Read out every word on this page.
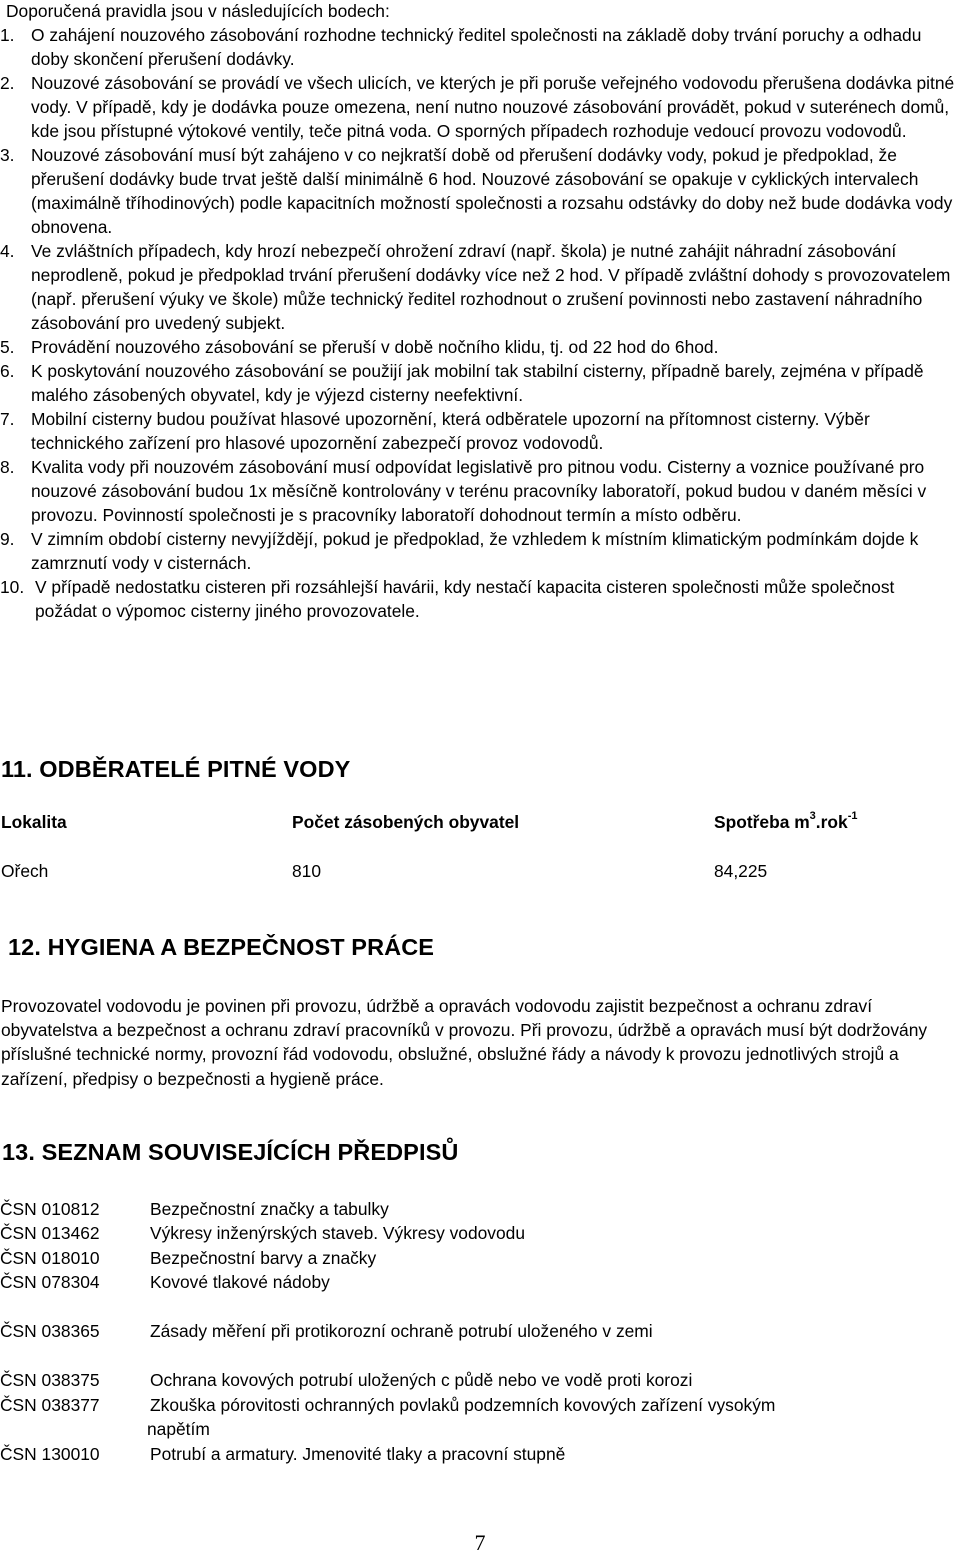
Doporučená pravidla jsou v následujících bodech:
1. O zahájení nouzového zásobování rozhodne technický ředitel společnosti na základě doby trvání poruchy a odhadu doby skončení přerušení dodávky.
2. Nouzové zásobování se provádí ve všech ulicích, ve kterých je při poruše veřejného vodovodu přerušena dodávka pitné vody. V případě, kdy je dodávka pouze omezena, není nutno nouzové zásobování provádět, pokud v suterénech domů, kde jsou přístupné výtokové ventily, teče pitná voda. O sporných případech rozhoduje vedoucí provozu vodovodů.
3. Nouzové zásobování musí být zahájeno v co nejkratší době od přerušení dodávky vody, pokud je předpoklad, že přerušení dodávky bude trvat ještě další minimálně 6 hod. Nouzové zásobování se opakuje v cyklických intervalech (maximálně tříhodinových) podle kapacitních možností společnosti a rozsahu odstávky do doby než bude dodávka vody obnovena.
4. Ve zvláštních případech, kdy hrozí nebezpečí ohrožení zdraví (např. škola) je nutné zahájit náhradní zásobování neprodleně, pokud je předpoklad trvání přerušení dodávky více než 2 hod. V případě zvláštní dohody s provozovatelem (např. přerušení výuky ve škole) může technický ředitel rozhodnout o zrušení povinnosti nebo zastavení náhradního zásobování pro uvedený subjekt.
5. Provádění nouzového zásobování se přeruší v době nočního klidu, tj. od 22 hod do 6hod.
6. K poskytování nouzového zásobování se použijí jak mobilní tak stabilní cisterny, případně barely, zejména v případě malého zásobených obyvatel, kdy je výjezd cisterny neefektivní.
7. Mobilní cisterny budou používat hlasové upozornění, která odběratele upozorní na přítomnost cisterny. Výběr technického zařízení pro hlasové upozornění zabezpečí provoz vodovodů.
8. Kvalita vody při nouzovém zásobování musí odpovídat legislativě pro pitnou vodu. Cisterny a voznice používané pro nouzové zásobování budou 1x měsíčně kontrolovány v terénu pracovníky laboratoří, pokud budou v daném měsíci v provozu. Povinností společnosti je s pracovníky laboratoří dohodnout termín a místo odběru.
9. V zimním období cisterny nevyjíždějí, pokud je předpoklad, že vzhledem k místním klimatickým podmínkám dojde k zamrznutí vody v cisternách.
10. V případě nedostatku cisteren při rozsáhlejší havárii, kdy nestačí kapacita cisteren společnosti může společnost požádat o výpomoc cisterny jiného provozovatele.
11. ODBĚRATELÉ PITNÉ VODY
Lokalita	Počet zásobených obyvatel	Spotřeba $m^3.rok^{-1}$
Ořech	810	84,225
12. HYGIENA A BEZPEČNOST PRÁCE
Provozovatel vodovodu je povinen při provozu, údržbě a opravách vodovodu zajistit bezpečnost a ochranu zdraví obyvatelstva a bezpečnost a ochranu zdraví pracovníků v provozu. Při provozu, údržbě a opravách musí být dodržovány příslušné technické normy, provozní řád vodovodu, obslužné, obslužné řády a návody k provozu jednotlivých strojů a zařízení, předpisy o bezpečnosti a hygieně práce.
13. SEZNAM SOUVISEJÍCÍCH PŘEDPISŮ
ČSN 010812	Bezpečnostní značky a tabulky
ČSN 013462	Výkresy inženýrských staveb. Výkresy vodovodu
ČSN 018010	Bezpečnostní barvy a značky
ČSN 078304	Kovové tlakové nádoby
ČSN 038365	Zásady měření při protikorozní ochraně potrubí uloženého v zemi
ČSN 038375	Ochrana kovových potrubí uložených c půdě nebo ve vodě proti korozi
ČSN 038377	Zkouška pórovitosti ochranných povlaků podzemních kovových zařízení vysokým
napětím
ČSN 130010	Potrubí a armatury. Jmenovité tlaky a pracovní stupně
7
